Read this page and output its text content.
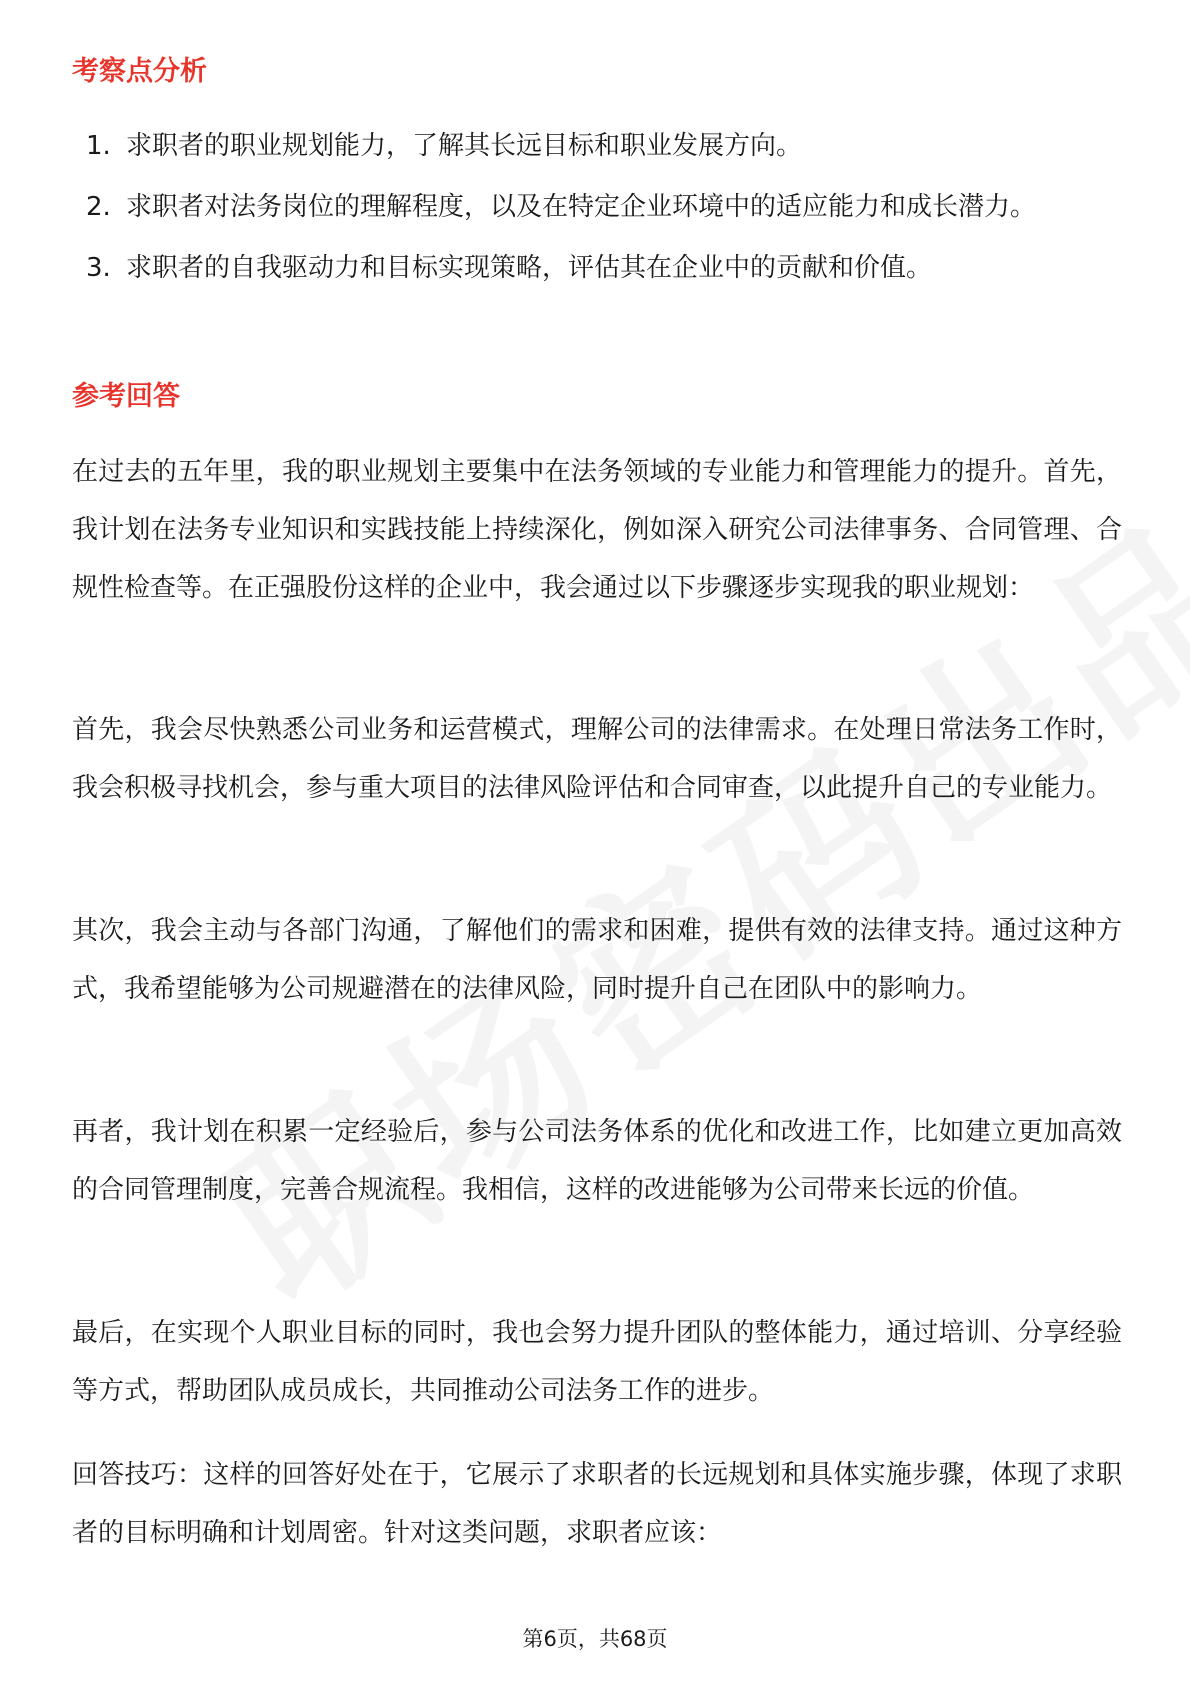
考察点分析
1. 求职者的职业规划能力，了解其长远目标和职业发展方向。
2. 求职者对法务岗位的理解程度，以及在特定企业环境中的适应能力和成长潜力。
3. 求职者的自我驱动力和目标实现策略，评估其在企业中的贡献和价值。
参考回答

在过去的五年里，我的职业规划主要集中在法务领域的专业能力和管理能力的提升。首先，我计划在法务专业知识和实践技能上持续深化，例如深入研究公司法律事务、合同管理、合规性检查等。在正强股份这样的企业中，我会通过以下步骤逐步实现我的职业规划：

首先，我会尽快熟悉公司业务和运营模式，理解公司的法律需求。在处理日常法务工作时，我会积极寻找机会，参与重大项目的法律风险评估和合同审查，以此提升自己的专业能力。

其次，我会主动与各部门沟通，了解他们的需求和困难，提供有效的法律支持。通过这种方式，我希望能够为公司规避潜在的法律风险，同时提升自己在团队中的影响力。

再者，我计划在积累一定经验后，参与公司法务体系的优化和改进工作，比如建立更加高效的合同管理制度，完善合规流程。我相信，这样的改进能够为公司带来长远的价值。

最后，在实现个人职业目标的同时，我也会努力提升团队的整体能力，通过培训、分享经验等方式，帮助团队成员成长，共同推动公司法务工作的进步。

回答技巧：这样的回答好处在于，它展示了求职者的长远规划和具体实施步骤，体现了求职者的目标明确和计划周密。针对这类问题，求职者应该：

第6页，共68页
